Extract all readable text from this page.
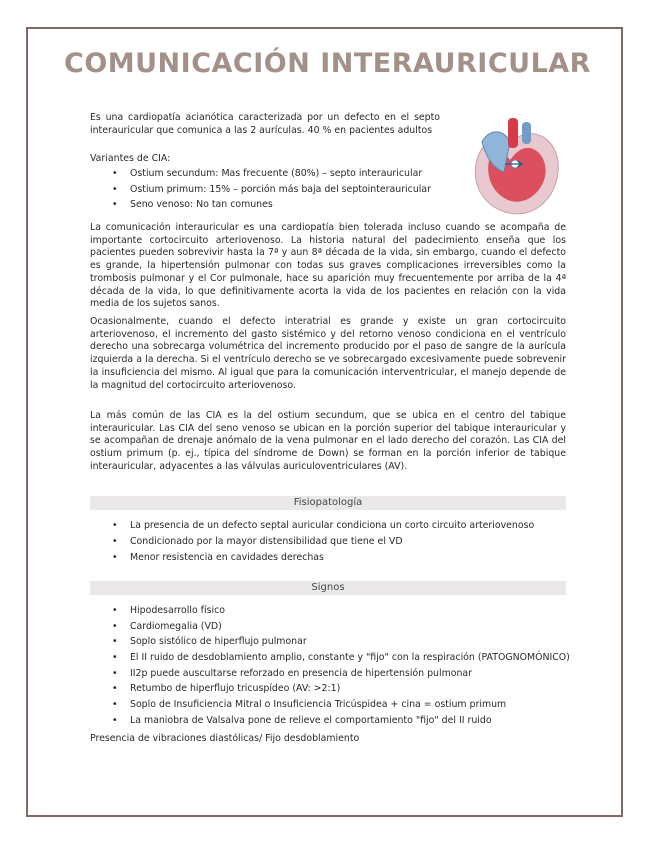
COMUNICACIÓN INTERAURICULAR
Es una cardiopatía acianótica caracterizada por un defecto en el septo interauricular que comunica a las 2 aurículas. 40 % en pacientes adultos
Variantes de CIA:
• Ostium secundum: Mas frecuente (80%) – septo interauricular
• Ostium primum: 15% – porción más baja del septointerauricular
• Seno venoso: No tan comunes
La comunicación interauricular es una cardiopatía bien tolerada incluso cuando se acompaña de importante cortocircuito arteriovenoso. La historia natural del padecimiento enseña que los pacientes pueden sobrevivir hasta la 7ª y aun 8ª década de la vida, sin embargo, cuando el defecto es grande, la hipertensión pulmonar con todas sus graves complicaciones irreversibles como la trombosis pulmonar y el Cor pulmonale, hace su aparición muy frecuentemente por arriba de la 4ª década de la vida, lo que definitivamente acorta la vida de los pacientes en relación con la vida media de los sujetos sanos.
Ocasionalmente, cuando el defecto interatrial es grande y existe un gran cortocircuito arteriovenoso, el incremento del gasto sistémico y del retorno venoso condiciona en el ventrículo derecho una sobrecarga volumétrica del incremento producido por el paso de sangre de la aurícula izquierda a la derecha. Si el ventrículo derecho se ve sobrecargado excesivamente puede sobrevenir la insuficiencia del mismo. Al igual que para la comunicación interventricular, el manejo depende de la magnitud del cortocircuito arteriovenoso.
La más común de las CIA es la del ostium secundum, que se ubica en el centro del tabique interauricular. Las CIA del seno venoso se ubican en la porción superior del tabique interauricular y se acompañan de drenaje anómalo de la vena pulmonar en el lado derecho del corazón. Las CIA del ostium primum (p. ej., típica del síndrome de Down) se forman en la porción inferior de tabique interauricular, adyacentes a las válvulas auriculoventriculares (AV).
Fisiopatología
• La presencia de un defecto septal auricular condiciona un corto circuito arteriovenoso
• Condicionado por la mayor distensibilidad que tiene el VD
• Menor resistencia en cavidades derechas
Signos
• Hipodesarrollo físico
• Cardiomegalia (VD)
• Soplo sistólico de hiperflujo pulmonar
• El II ruido de desdoblamiento amplio, constante y "fijo" con la respiración (PATOGNOMÓNICO)
• II2p puede auscultarse reforzado en presencia de hipertensión pulmonar
• Retumbo de hiperflujo tricuspídeo (AV: >2:1)
• Soplo de Insuficiencia Mitral o Insuficiencia Tricúspidea + cina = ostium primum
• La maniobra de Valsalva pone de relieve el comportamiento "fijo" del II ruido
Presencia de vibraciones diastólicas/ Fijo desdoblamiento
